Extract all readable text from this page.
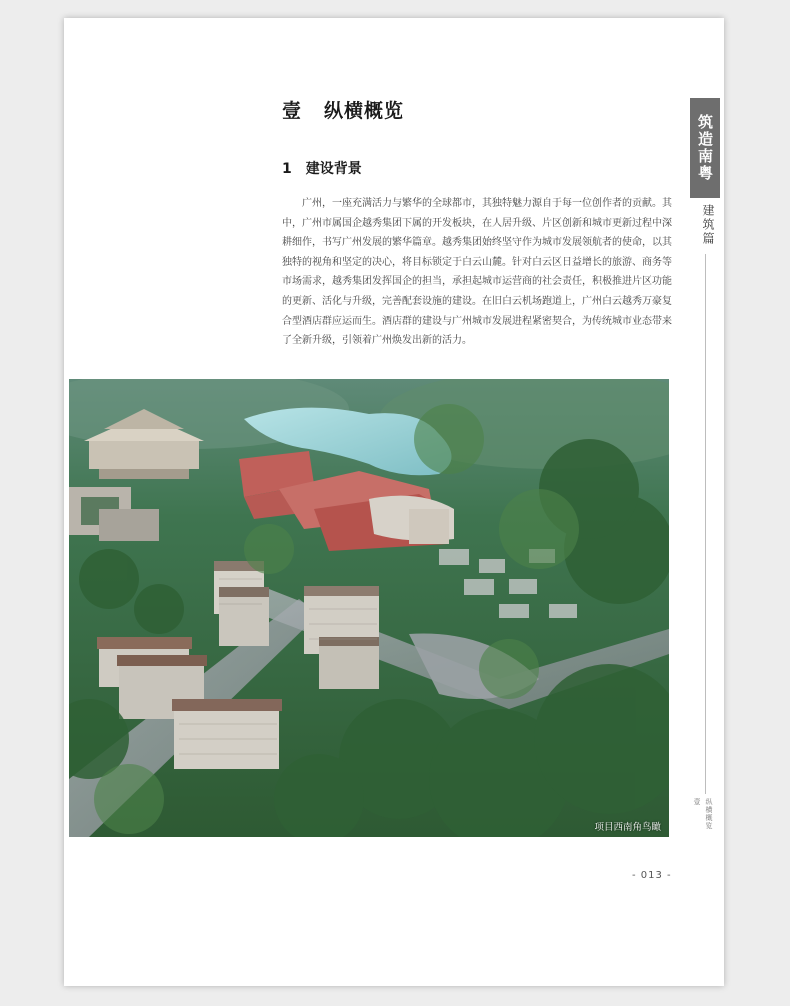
壹 纵横概览
1 建设背景

广州，一座充满活力与繁华的全球都市，其独特魅力源自于每一位创作者的贡献。其中，广州市属国企越秀集团下属的开发板块，在人居升级、片区创新和城市更新过程中深耕细作，书写广州发展的繁华篇章。越秀集团始终坚守作为城市发展领航者的使命，以其独特的视角和坚定的决心，将目标锁定于白云山麓。针对白云区日益增长的旅游、商务等市场需求，越秀集团发挥国企的担当，承担起城市运营商的社会责任，积极推进片区功能的更新、活化与升级，完善配套设施的建设。在旧白云机场跑道上，广州白云越秀万豪复合型酒店群应运而生。酒店群的建设与广州城市发展进程紧密契合，为传统城市业态带来了全新升级，引领着广州焕发出新的活力。

筑造南粤
建筑篇
壹 纵横概览
项目西南角鸟瞰
- 013 -
